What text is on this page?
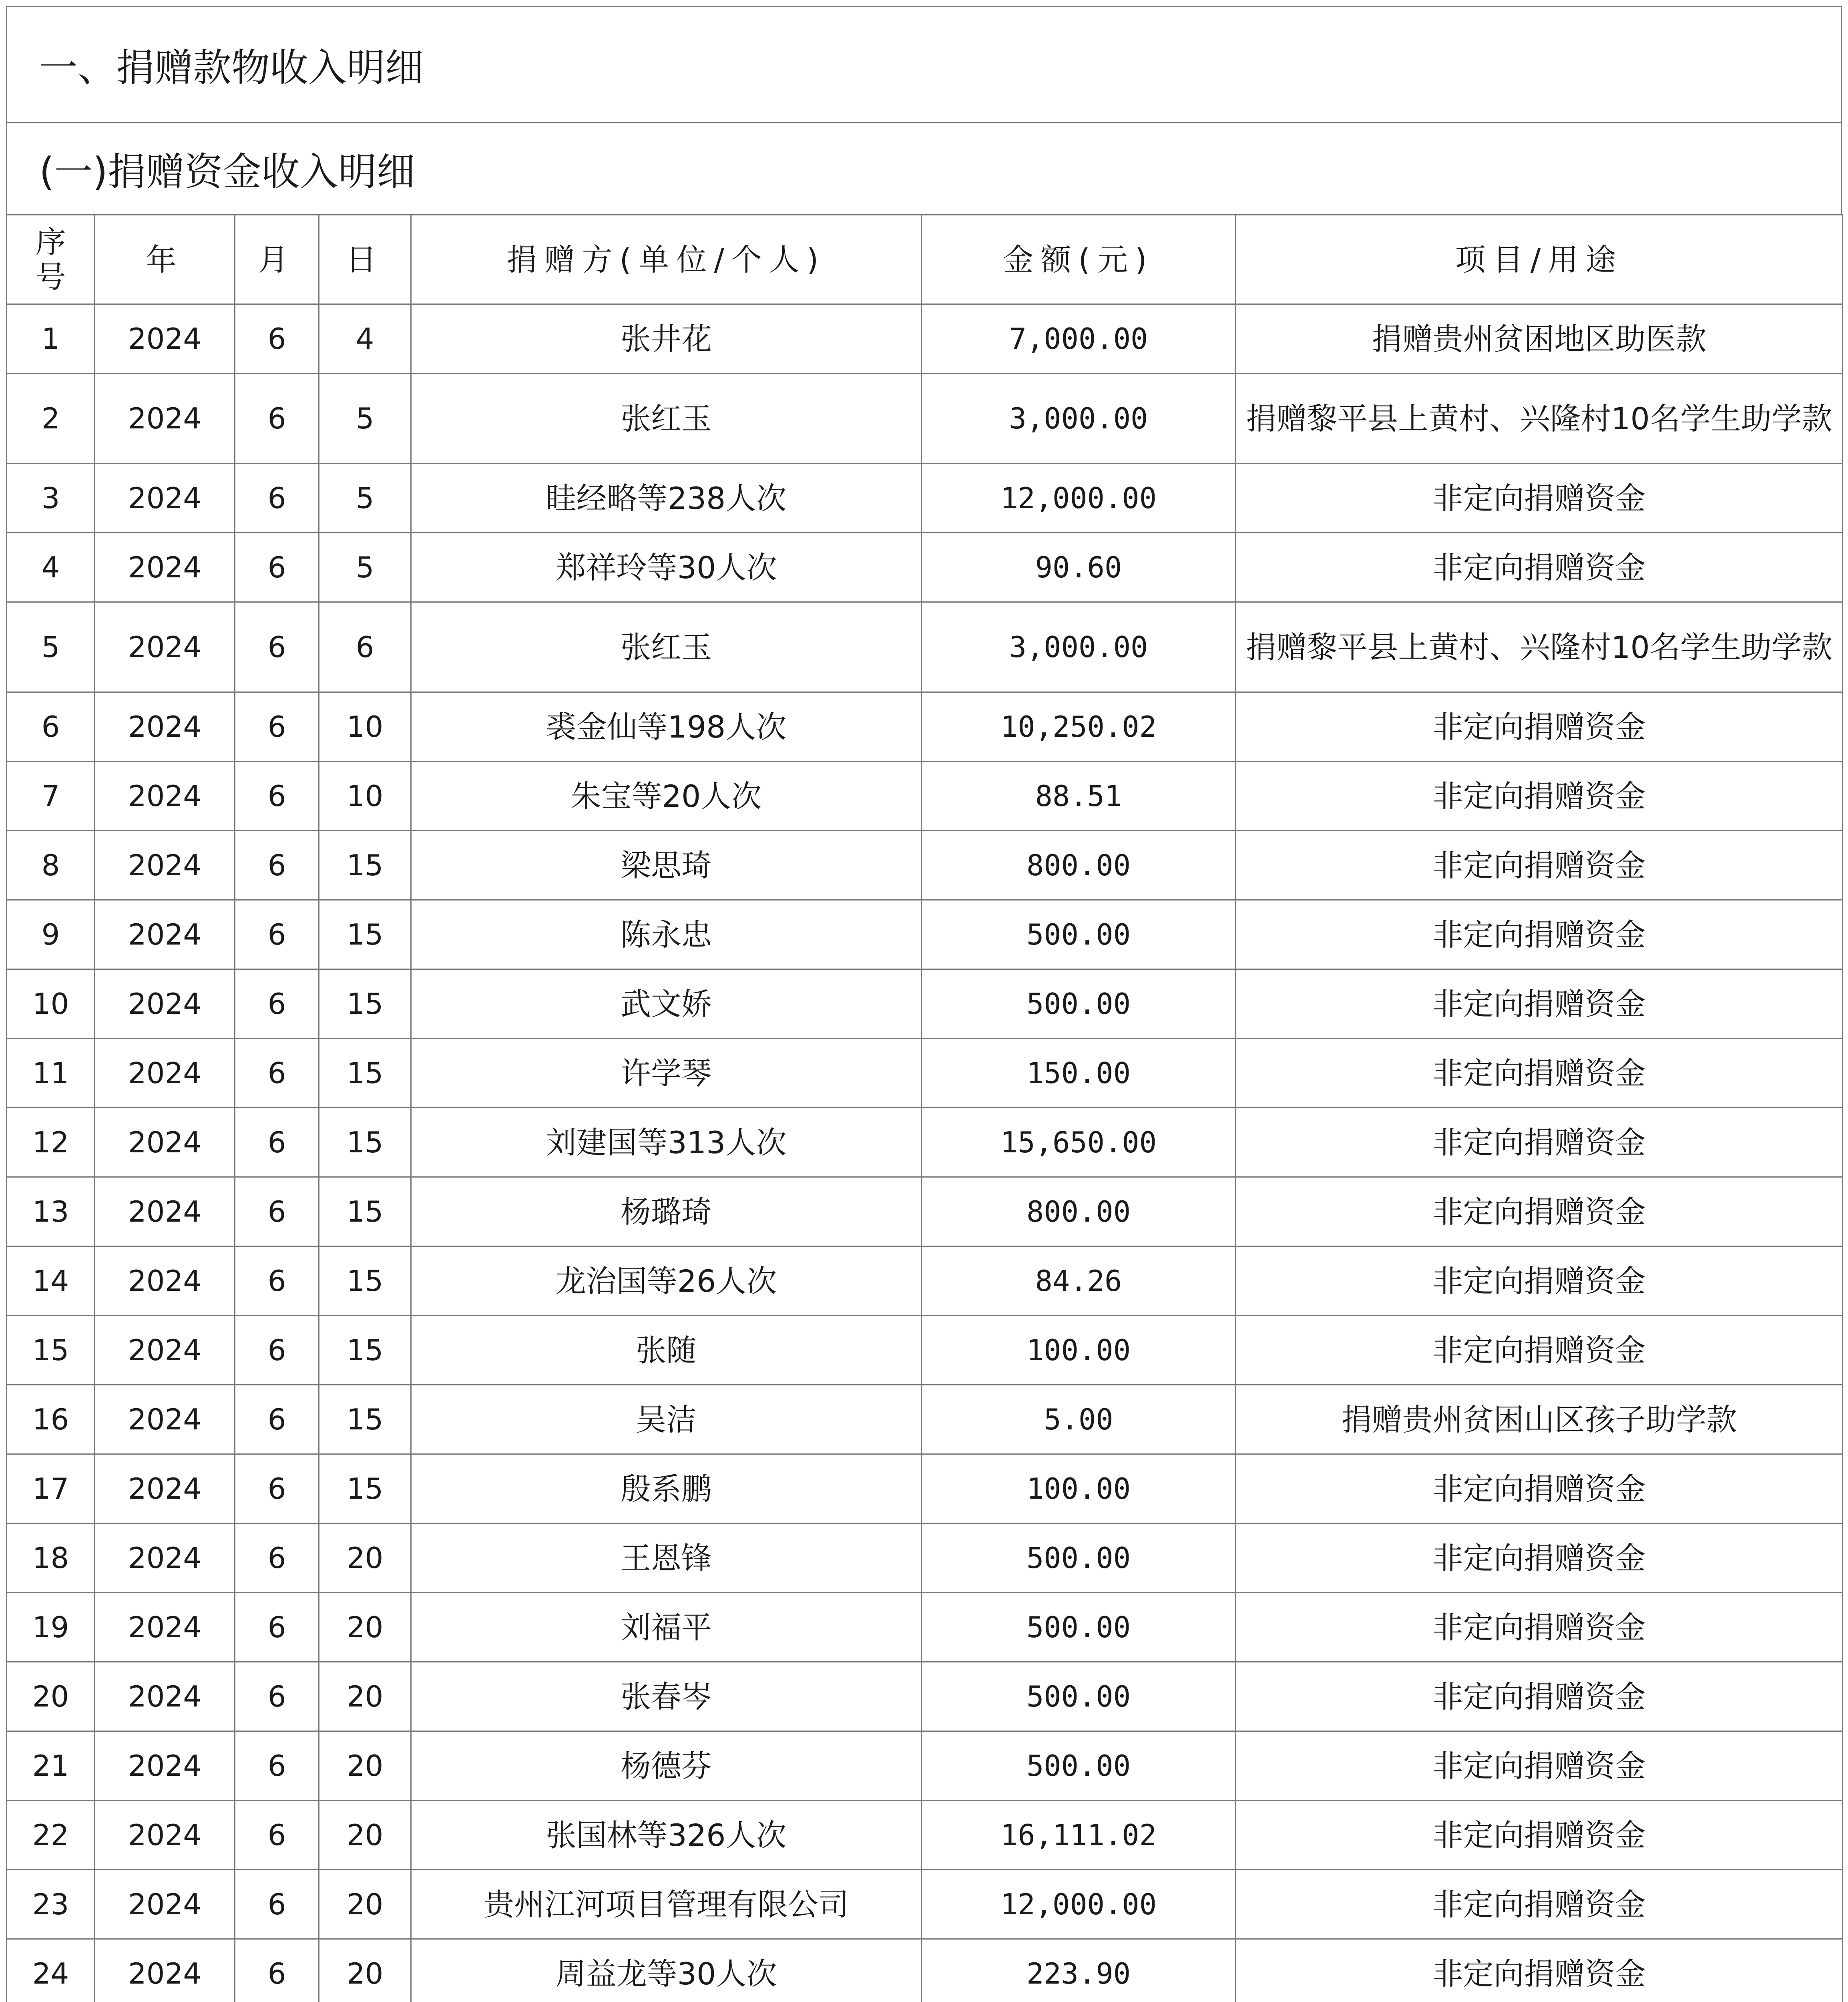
一、捐赠款物收入明细
(一)捐赠资金收入明细
序
号	年	月	日	捐赠方(单位/个人)	金额(元)	项目/用途
1	2024	6	4	张井花	7,000.00	捐赠贵州贫困地区助医款
2	2024	6	5	张红玉	3,000.00	捐赠黎平县上黄村、兴隆村10名学生助学款
3	2024	6	5	眭经略等238人次	12,000.00	非定向捐赠资金
4	2024	6	5	郑祥玲等30人次	90.60	非定向捐赠资金
5	2024	6	6	张红玉	3,000.00	捐赠黎平县上黄村、兴隆村10名学生助学款
6	2024	6	10	裘金仙等198人次	10,250.02	非定向捐赠资金
7	2024	6	10	朱宝等20人次	88.51	非定向捐赠资金
8	2024	6	15	梁思琦	800.00	非定向捐赠资金
9	2024	6	15	陈永忠	500.00	非定向捐赠资金
10	2024	6	15	武文娇	500.00	非定向捐赠资金
11	2024	6	15	许学琴	150.00	非定向捐赠资金
12	2024	6	15	刘建国等313人次	15,650.00	非定向捐赠资金
13	2024	6	15	杨璐琦	800.00	非定向捐赠资金
14	2024	6	15	龙治国等26人次	84.26	非定向捐赠资金
15	2024	6	15	张随	100.00	非定向捐赠资金
16	2024	6	15	吴洁	5.00	捐赠贵州贫困山区孩子助学款
17	2024	6	15	殷系鹏	100.00	非定向捐赠资金
18	2024	6	20	王恩锋	500.00	非定向捐赠资金
19	2024	6	20	刘福平	500.00	非定向捐赠资金
20	2024	6	20	张春岑	500.00	非定向捐赠资金
21	2024	6	20	杨德芬	500.00	非定向捐赠资金
22	2024	6	20	张国林等326人次	16,111.02	非定向捐赠资金
23	2024	6	20	贵州江河项目管理有限公司	12,000.00	非定向捐赠资金
24	2024	6	20	周益龙等30人次	223.90	非定向捐赠资金
